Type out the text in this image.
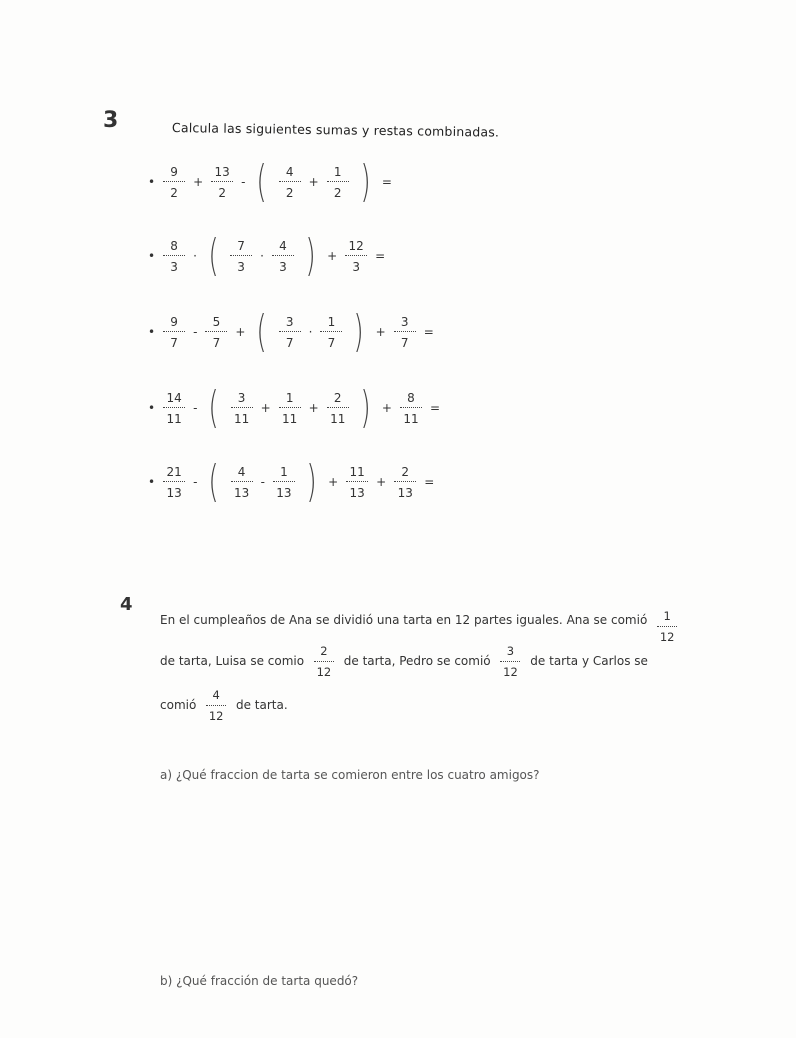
3	Calcula las siguientes sumas y restas combinadas.
• $\frac{9}{2} + \frac{13}{2}$ - ( $\frac{4}{2} + \frac{1}{2}$ ) =
• $\frac{8}{3}$ · ( $\frac{7}{3} \cdot \frac{4}{3}$ ) + $\frac{12}{3}$ =
• $\frac{9}{7} - \frac{5}{7}$ + ( $\frac{3}{7} \cdot \frac{1}{7}$ ) + $\frac{3}{7}$ =
• $\frac{14}{11}$ - ( $\frac{3}{11} + \frac{1}{11} + \frac{2}{11}$ ) + $\frac{8}{11}$ =
• $\frac{21}{13}$ - ( $\frac{4}{13} - \frac{1}{13}$ ) + $\frac{11}{13} + \frac{2}{13}$ =
4
En el cumpleaños de Ana se dividió una tarta en 12 partes iguales. Ana se comió $\frac{1}{12}$
de tarta, Luisa se comio $\frac{2}{12}$ de tarta, Pedro se comió $\frac{3}{12}$ de tarta y Carlos se
comió $\frac{4}{12}$ de tarta.
a) ¿Qué fraccion de tarta se comieron entre los cuatro amigos?
b) ¿Qué fracción de tarta quedó?
